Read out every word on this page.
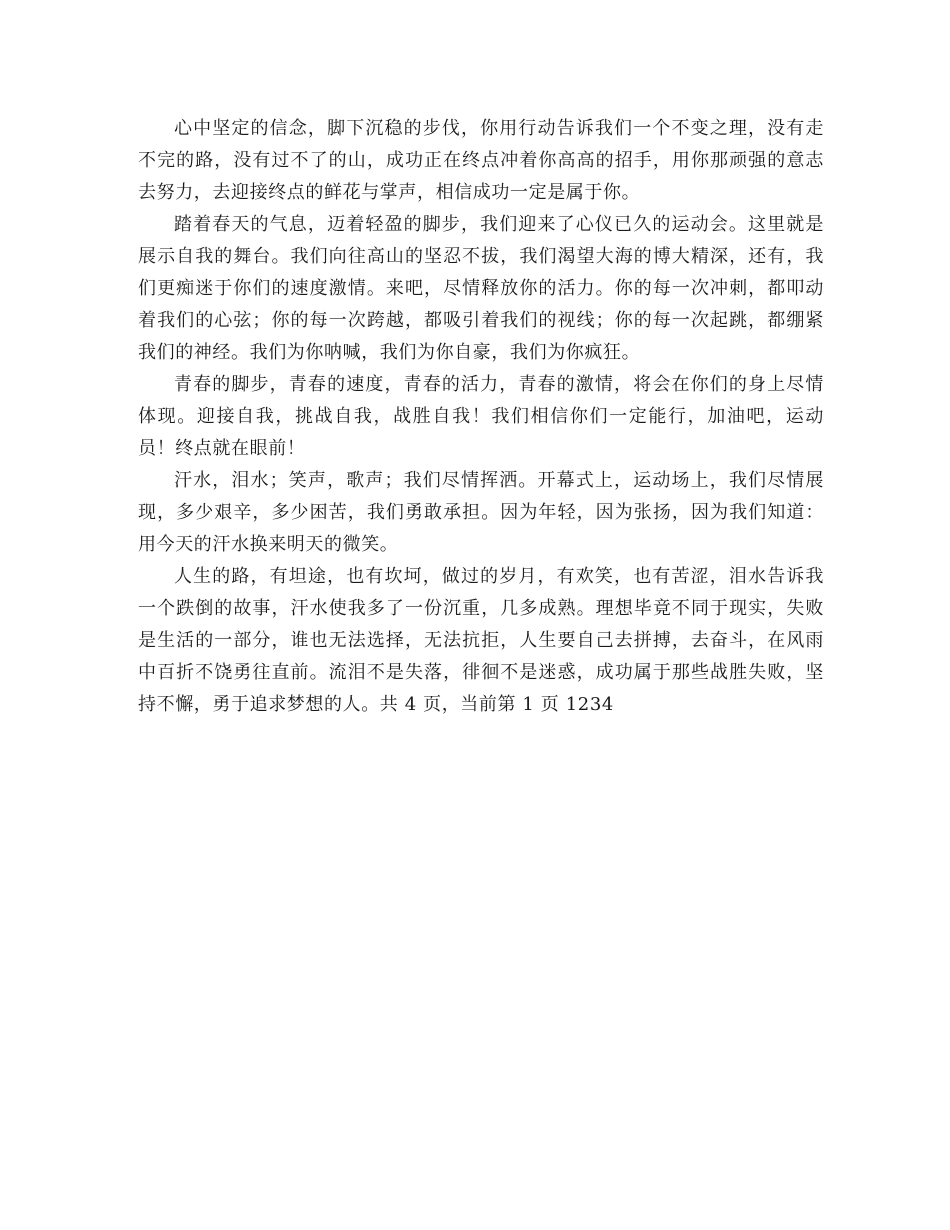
心中坚定的信念，脚下沉稳的步伐，你用行动告诉我们一个不变之理，没有走不完的路，没有过不了的山，成功正在终点冲着你高高的招手，用你那顽强的意志去努力，去迎接终点的鲜花与掌声，相信成功一定是属于你。

踏着春天的气息，迈着轻盈的脚步，我们迎来了心仪已久的运动会。这里就是展示自我的舞台。我们向往高山的坚忍不拔，我们渴望大海的博大精深，还有，我们更痴迷于你们的速度激情。来吧，尽情释放你的活力。你的每一次冲刺，都叩动着我们的心弦；你的每一次跨越，都吸引着我们的视线；你的每一次起跳，都绷紧我们的神经。我们为你呐喊，我们为你自豪，我们为你疯狂。

青春的脚步，青春的速度，青春的活力，青春的激情，将会在你们的身上尽情体现。迎接自我，挑战自我，战胜自我！我们相信你们一定能行，加油吧，运动员！终点就在眼前！

汗水，泪水；笑声，歌声；我们尽情挥洒。开幕式上，运动场上，我们尽情展现，多少艰辛，多少困苦，我们勇敢承担。因为年轻，因为张扬，因为我们知道：用今天的汗水换来明天的微笑。

人生的路，有坦途，也有坎坷，做过的岁月，有欢笑，也有苦涩，泪水告诉我一个跌倒的故事，汗水使我多了一份沉重，几多成熟。理想毕竟不同于现实，失败是生活的一部分，谁也无法选择，无法抗拒，人生要自己去拼搏，去奋斗，在风雨中百折不饶勇往直前。流泪不是失落，徘徊不是迷惑，成功属于那些战胜失败，坚持不懈，勇于追求梦想的人。共 4 页，当前第 1 页 1234
